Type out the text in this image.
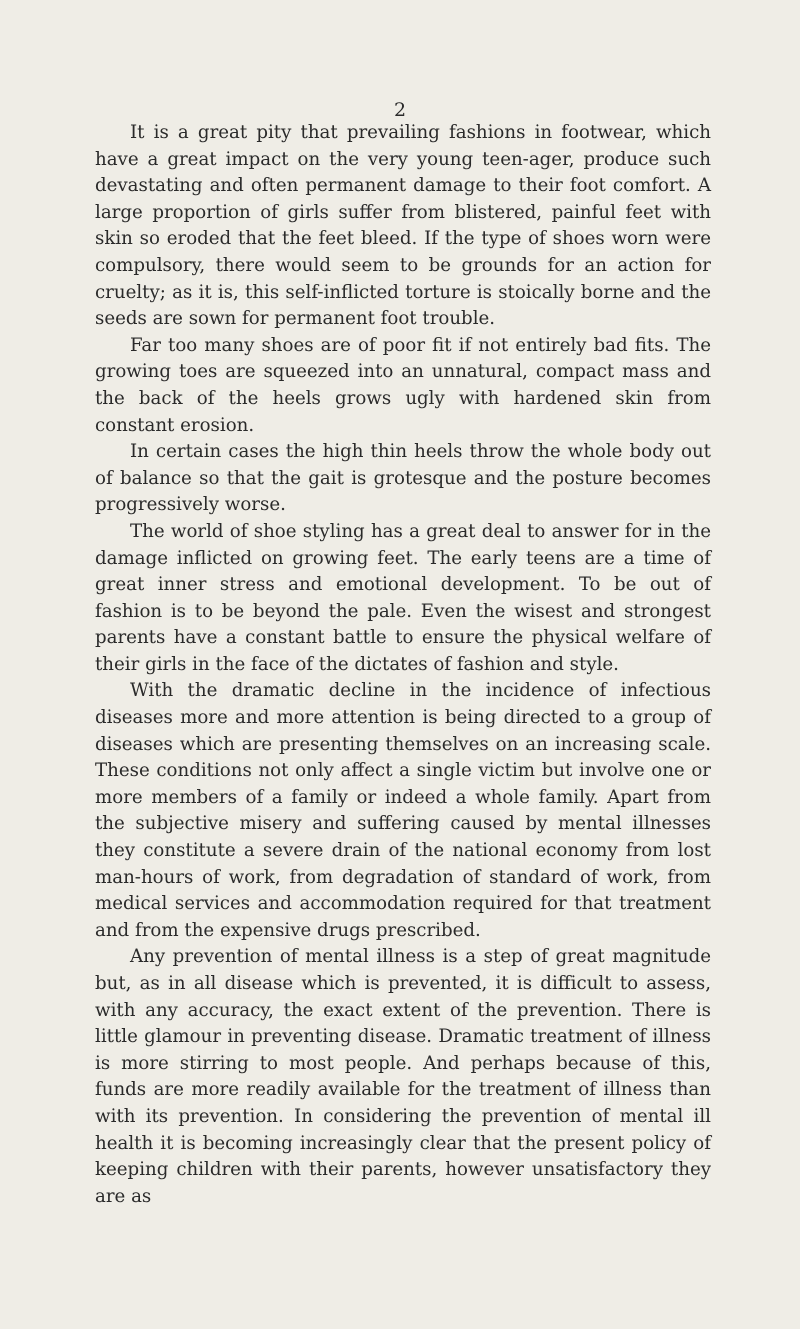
2

It is a great pity that prevailing fashions in footwear, which have a great impact on the very young teen-ager, produce such devastating and often permanent damage to their foot comfort. A large proportion of girls suffer from blistered, painful feet with skin so eroded that the feet bleed. If the type of shoes worn were compulsory, there would seem to be grounds for an action for cruelty; as it is, this self-inflicted torture is stoically borne and the seeds are sown for permanent foot trouble.

Far too many shoes are of poor fit if not entirely bad fits. The growing toes are squeezed into an unnatural, compact mass and the back of the heels grows ugly with hardened skin from constant erosion.

In certain cases the high thin heels throw the whole body out of balance so that the gait is grotesque and the posture becomes progressively worse.

The world of shoe styling has a great deal to answer for in the damage inflicted on growing feet. The early teens are a time of great inner stress and emotional development. To be out of fashion is to be beyond the pale. Even the wisest and strongest parents have a constant battle to ensure the physical welfare of their girls in the face of the dictates of fashion and style.

With the dramatic decline in the incidence of infectious diseases more and more attention is being directed to a group of diseases which are presenting themselves on an increasing scale. These conditions not only affect a single victim but involve one or more members of a family or indeed a whole family. Apart from the subjective misery and suffering caused by mental illnesses they constitute a severe drain of the national economy from lost man-hours of work, from degradation of standard of work, from medical services and accommodation required for that treatment and from the expensive drugs prescribed.

Any prevention of mental illness is a step of great magnitude but, as in all disease which is prevented, it is difficult to assess, with any accuracy, the exact extent of the prevention. There is little glamour in preventing disease. Dramatic treatment of illness is more stirring to most people. And perhaps because of this, funds are more readily available for the treatment of illness than with its prevention. In considering the prevention of mental ill health it is becoming increasingly clear that the present policy of keeping children with their parents, however unsatisfactory they are as
